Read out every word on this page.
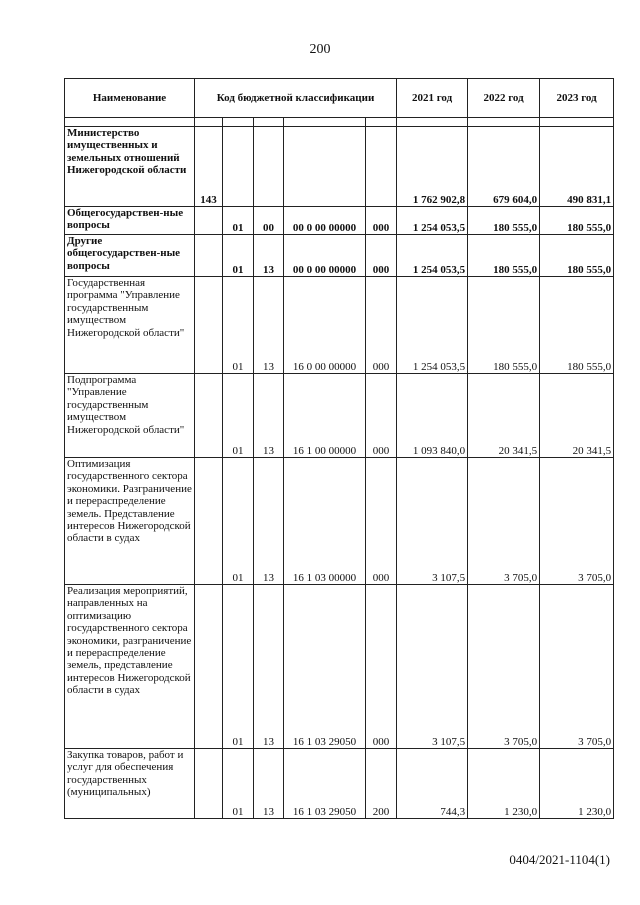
200
Наименование	Код бюджетной классификации					2021 год	2022 год	2023 год

Министерство имущественных и земельных отношений Нижегородской области	143					1 762 902,8	679 604,0	490 831,1
Общегосударствен-ные вопросы		01	00	00 0 00 00000	000	1 254 053,5	180 555,0	180 555,0
Другие общегосударствен-ные вопросы		01	13	00 0 00 00000	000	1 254 053,5	180 555,0	180 555,0
Государственная программа "Управление государственным имуществом Нижегородской области"		01	13	16 0 00 00000	000	1 254 053,5	180 555,0	180 555,0
Подпрограмма "Управление государственным имуществом Нижегородской области"		01	13	16 1 00 00000	000	1 093 840,0	20 341,5	20 341,5
Оптимизация государственного сектора экономики. Разграничение и перераспределение земель. Представление интересов Нижегородской области в судах		01	13	16 1 03 00000	000	3 107,5	3 705,0	3 705,0
Реализация мероприятий, направленных на оптимизацию государственного сектора экономики, разграничение и перераспределение земель, представление интересов Нижегородской области в судах		01	13	16 1 03 29050	000	3 107,5	3 705,0	3 705,0
Закупка товаров, работ и услуг для обеспечения государственных (муниципальных)		01	13	16 1 03 29050	200	744,3	1 230,0	1 230,0
0404/2021-1104(1)
